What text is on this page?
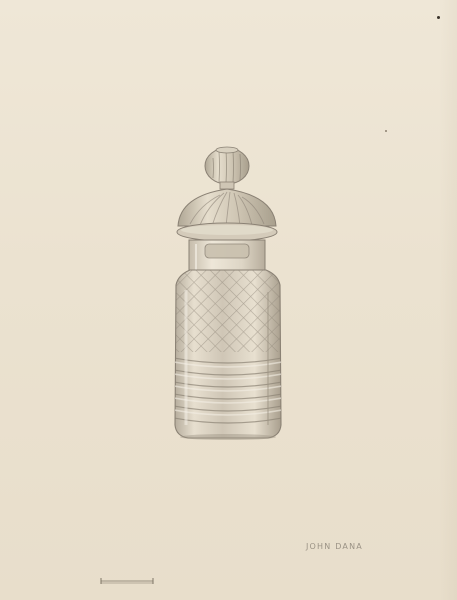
JOHN DANA
